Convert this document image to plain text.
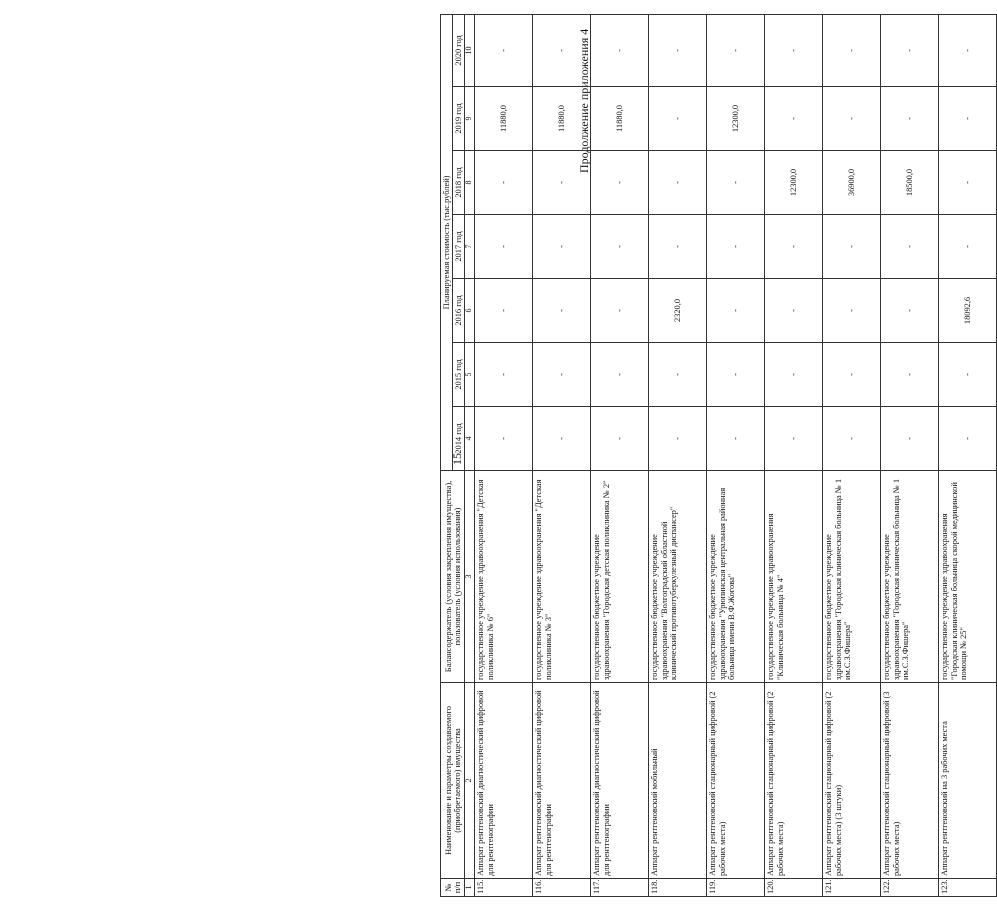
15
Продолжение приложения 4
№ п/п	Наименование и параметры создаваемого (приобретаемого) имущества	Балансодержатель (условия закрепления имущества), пользователь (условия использования)	Планируемая стоимость (тыс.рублей)						
			2014 год	2015 год	2016 год	2017 год	2018 год	2019 год	2020 год
1	2	3	4	5	6	7	8	9	10
115.	Аппарат рентгеновский диагностический цифровой для рентгенографии	государственное учреждение здравоохранения "Детская поликлиника № 6"	-	-	-	-	-	11880,0	-
116.	Аппарат рентгеновский диагностический цифровой для рентгенографии	государственное учреждение здравоохранения "Детская поликлиника № 3"	-	-	-	-	-	11880,0	-
117.	Аппарат рентгеновский диагностический цифровой для рентгенографии	государственное бюджетное учреждение здравоохранения "Городская детская поликлиника № 2"	-	-	-	-	-	11880,0	-
118.	Аппарат рентгеновский мобильный	государственное бюджетное учреждение здравоохранения "Волгоградский областной клинический противотуберкулезный диспансер"	-	-	2320,0	-	-	-	-
119.	Аппарат рентгеновский стационарный цифровой (2 рабочих места)	государственное бюджетное учреждение здравоохранения "Урюпинская центральная районная больница имени В.Ф.Жогова"	-	-	-	-	-	12300,0	-
120.	Аппарат рентгеновский стационарный цифровой (2 рабочих места)	государственное учреждение здравоохранения "Клиническая больница № 4"	-	-	-	-	12300,0	-	-
121.	Аппарат рентгеновский стационарный цифровой (2 рабочих места) (3 штуки)	государственное бюджетное учреждение здравоохранения "Городская клиническая больница № 1 им.С.З.Фишера"	-	-	-	-	36900,0	-	-
122.	Аппарат рентгеновский стационарный цифровой (3 рабочих места)	государственное бюджетное учреждение здравоохранения "Городская клиническая больница № 1 им.С.З.Фишера"	-	-	-	-	18500,0	-	-
123.	Аппарат рентгеновский на 3 рабочих места	государственное учреждение здравоохранения "Городская клиническая больница скорой медицинской помощи № 25"	-	-	18092,6	-	-	-	-
